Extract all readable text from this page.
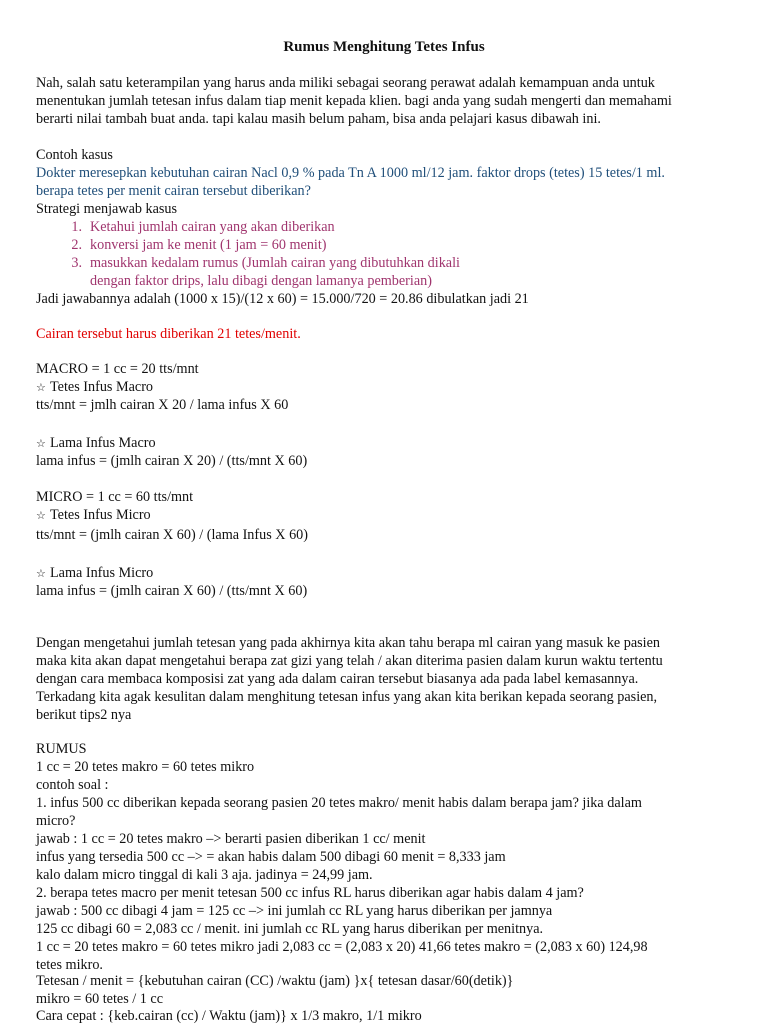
Rumus Menghitung Tetes Infus
Nah, salah satu keterampilan yang harus anda miliki sebagai seorang perawat adalah kemampuan anda untuk
menentukan jumlah tetesan infus dalam tiap menit kepada klien. bagi anda yang sudah mengerti dan memahami
berarti nilai tambah buat anda. tapi kalau masih belum paham, bisa anda pelajari kasus dibawah ini.
Contoh kasus
Dokter meresepkan kebutuhan cairan Nacl 0,9 % pada Tn A 1000 ml/12 jam. faktor drops (tetes) 15 tetes/1 ml.
berapa tetes per menit cairan tersebut diberikan?
Strategi menjawab kasus
1. Ketahui jumlah cairan yang akan diberikan
2. konversi jam ke menit (1 jam = 60 menit)
3. masukkan kedalam rumus (Jumlah cairan yang dibutuhkan dikali
dengan faktor drips, lalu dibagi dengan lamanya pemberian)
Jadi jawabannya adalah (1000 x 15)/(12 x 60) = 15.000/720 = 20.86 dibulatkan jadi 21
Cairan tersebut harus diberikan 21 tetes/menit.
MACRO = 1 cc = 20 tts/mnt
☆ Tetes Infus Macro
tts/mnt = jmlh cairan X 20 / lama infus X 60
☆ Lama Infus Macro
lama infus = (jmlh cairan X 20) / (tts/mnt X 60)
MICRO = 1 cc = 60 tts/mnt
☆ Tetes Infus Micro
tts/mnt = (jmlh cairan X 60) / (lama Infus X 60)
☆ Lama Infus Micro
lama infus = (jmlh cairan X 60) / (tts/mnt X 60)
Dengan mengetahui jumlah tetesan yang pada akhirnya kita akan tahu berapa ml cairan yang masuk ke pasien
maka kita akan dapat mengetahui berapa zat gizi yang telah / akan diterima pasien dalam kurun waktu tertentu
dengan cara membaca komposisi zat yang ada dalam cairan tersebut biasanya ada pada label kemasannya.
Terkadang kita agak kesulitan dalam menghitung tetesan infus yang akan kita berikan kepada seorang pasien,
berikut tips2 nya
RUMUS
1 cc = 20 tetes makro = 60 tetes mikro
contoh soal :
1. infus 500 cc diberikan kepada seorang pasien 20 tetes makro/ menit habis dalam berapa jam? jika dalam
micro?
jawab : 1 cc = 20 tetes makro –> berarti pasien diberikan 1 cc/ menit
infus yang tersedia 500 cc –> = akan habis dalam 500 dibagi 60 menit = 8,333 jam
kalo dalam micro tinggal di kali 3 aja. jadinya = 24,99 jam.
2. berapa tetes macro per menit tetesan 500 cc infus RL harus diberikan agar habis dalam 4 jam?
jawab : 500 cc dibagi 4 jam = 125 cc –> ini jumlah cc RL yang harus diberikan per jamnya
125 cc dibagi 60 = 2,083 cc / menit. ini jumlah cc RL yang harus diberikan per menitnya.
1 cc = 20 tetes makro = 60 tetes mikro jadi 2,083 cc = (2,083 x 20) 41,66 tetes makro = (2,083 x 60) 124,98
tetes mikro.
Tetesan / menit = {kebutuhan cairan (CC) /waktu (jam) }x{ tetesan dasar/60(detik)}
mikro = 60 tetes / 1 cc
Cara cepat : {keb.cairan (cc) / Waktu (jam)} x 1/3 makro, 1/1 mikro
